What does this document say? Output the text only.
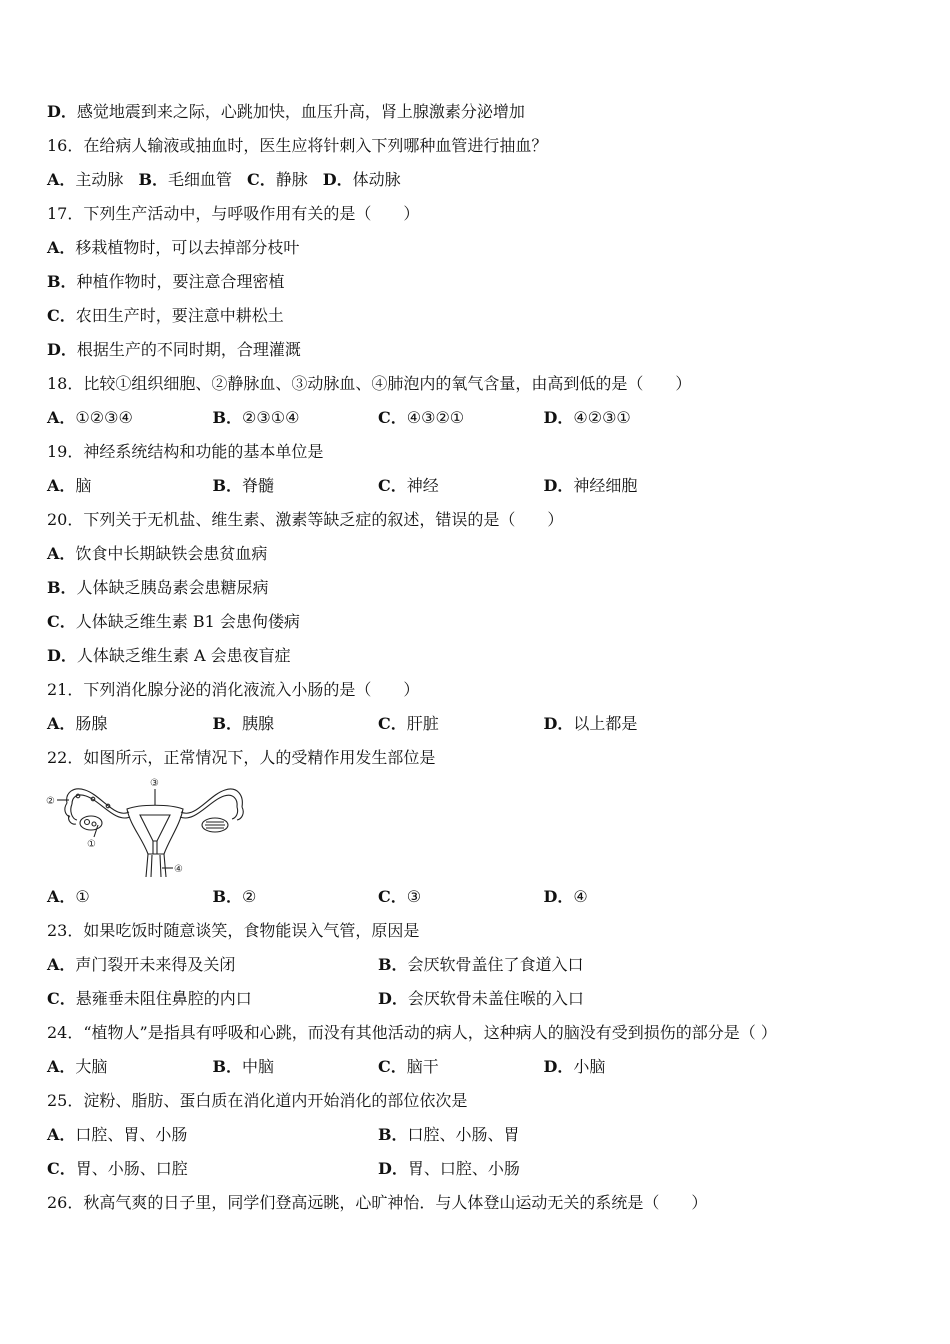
D．感觉地震到来之际，心跳加快，血压升高，肾上腺激素分泌增加
16．在给病人输液或抽血时，医生应将针刺入下列哪种血管进行抽血？
A．主动脉 B．毛细血管 C．静脉 D．体动脉
17．下列生产活动中，与呼吸作用有关的是（　　）
A．移栽植物时，可以去掉部分枝叶
B．种植作物时，要注意合理密植
C．农田生产时，要注意中耕松土
D．根据生产的不同时期，合理灌溉
18．比较①组织细胞、②静脉血、③动脉血、④肺泡内的氧气含量，由高到低的是（　　）
A．①②③④	B．②③①④	C．④③②①	D．④②③①
19．神经系统结构和功能的基本单位是
A．脑	B．脊髓	C．神经	D．神经细胞
20．下列关于无机盐、维生素、激素等缺乏症的叙述，错误的是（　　）
A．饮食中长期缺铁会患贫血病
B．人体缺乏胰岛素会患糖尿病
C．人体缺乏维生素 B1 会患佝偻病
D．人体缺乏维生素 A 会患夜盲症
21．下列消化腺分泌的消化液流入小肠的是（　　）
A．肠腺	B．胰腺	C．肝脏	D．以上都是
22．如图所示，正常情况下，人的受精作用发生部位是
③
②
①
④
A．①	B．②	C．③	D．④
23．如果吃饭时随意谈笑，食物能误入气管，原因是
A．声门裂开未来得及关闭	B．会厌软骨盖住了食道入口
C．悬雍垂未阻住鼻腔的内口	D．会厌软骨未盖住喉的入口
24．“植物人”是指具有呼吸和心跳，而没有其他活动的病人，这种病人的脑没有受到损伤的部分是（ ）
A．大脑	B．中脑	C．脑干	D．小脑
25．淀粉、脂肪、蛋白质在消化道内开始消化的部位依次是
A．口腔、胃、小肠	B．口腔、小肠、胃
C．胃、小肠、口腔	D．胃、口腔、小肠
26．秋高气爽的日子里，同学们登高远眺，心旷神怡．与人体登山运动无关的系统是（　　）
